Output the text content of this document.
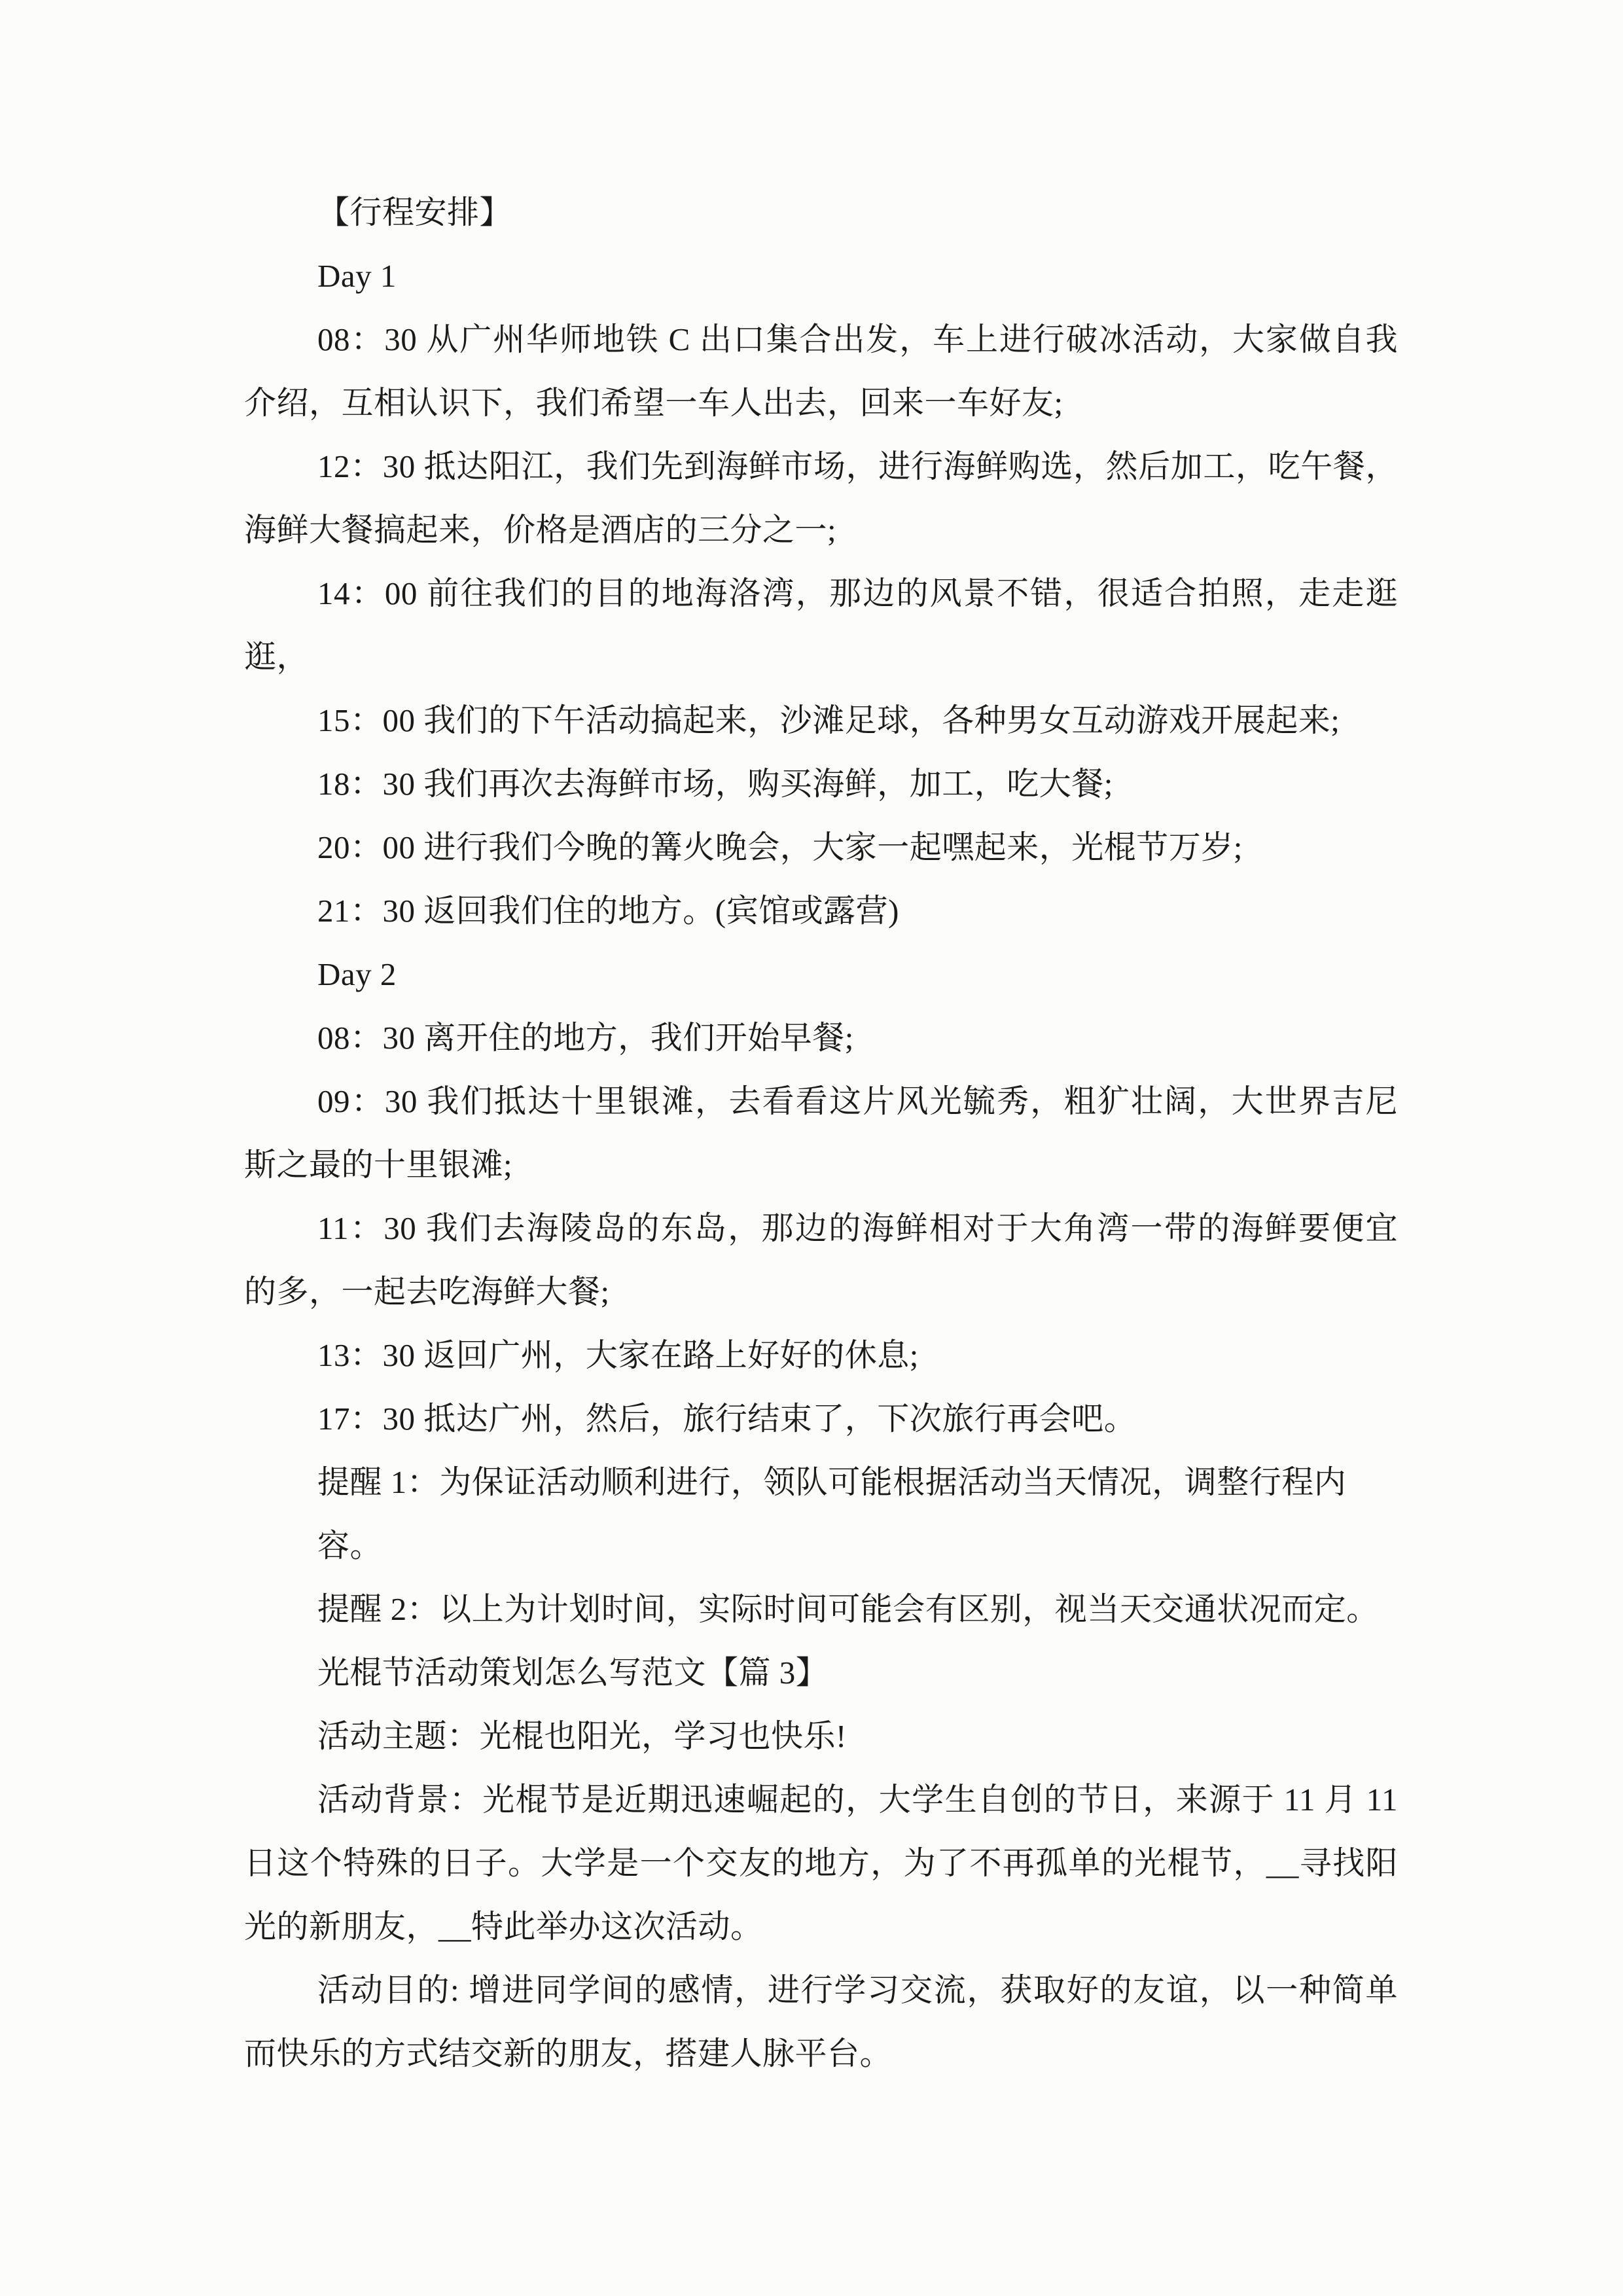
【行程安排】
Day 1
08：30 从广州华师地铁 C 出口集合出发，车上进行破冰活动，大家做自我
介绍，互相认识下，我们希望一车人出去，回来一车好友;
12：30 抵达阳江，我们先到海鲜市场，进行海鲜购选，然后加工，吃午餐，
海鲜大餐搞起来，价格是酒店的三分之一;
14：00 前往我们的目的地海洛湾，那边的风景不错，很适合拍照，走走逛
逛，
15：00 我们的下午活动搞起来，沙滩足球，各种男女互动游戏开展起来;
18：30 我们再次去海鲜市场，购买海鲜，加工，吃大餐;
20：00 进行我们今晚的篝火晚会，大家一起嘿起来，光棍节万岁;
21：30 返回我们住的地方。(宾馆或露营)
Day 2
08：30 离开住的地方，我们开始早餐;
09：30 我们抵达十里银滩，去看看这片风光毓秀，粗犷壮阔，大世界吉尼
斯之最的十里银滩;
11：30 我们去海陵岛的东岛，那边的海鲜相对于大角湾一带的海鲜要便宜
的多，一起去吃海鲜大餐;
13：30 返回广州，大家在路上好好的休息;
17：30 抵达广州，然后，旅行结束了，下次旅行再会吧。
提醒 1：为保证活动顺利进行，领队可能根据活动当天情况，调整行程内容。
提醒 2：以上为计划时间，实际时间可能会有区别，视当天交通状况而定。
光棍节活动策划怎么写范文【篇 3】
活动主题：光棍也阳光，学习也快乐!
活动背景：光棍节是近期迅速崛起的，大学生自创的节日，来源于 11 月 11
日这个特殊的日子。大学是一个交友的地方，为了不再孤单的光棍节，__寻找阳
光的新朋友，__特此举办这次活动。
活动目的: 增进同学间的感情，进行学习交流，获取好的友谊，以一种简单
而快乐的方式结交新的朋友，搭建人脉平台。
